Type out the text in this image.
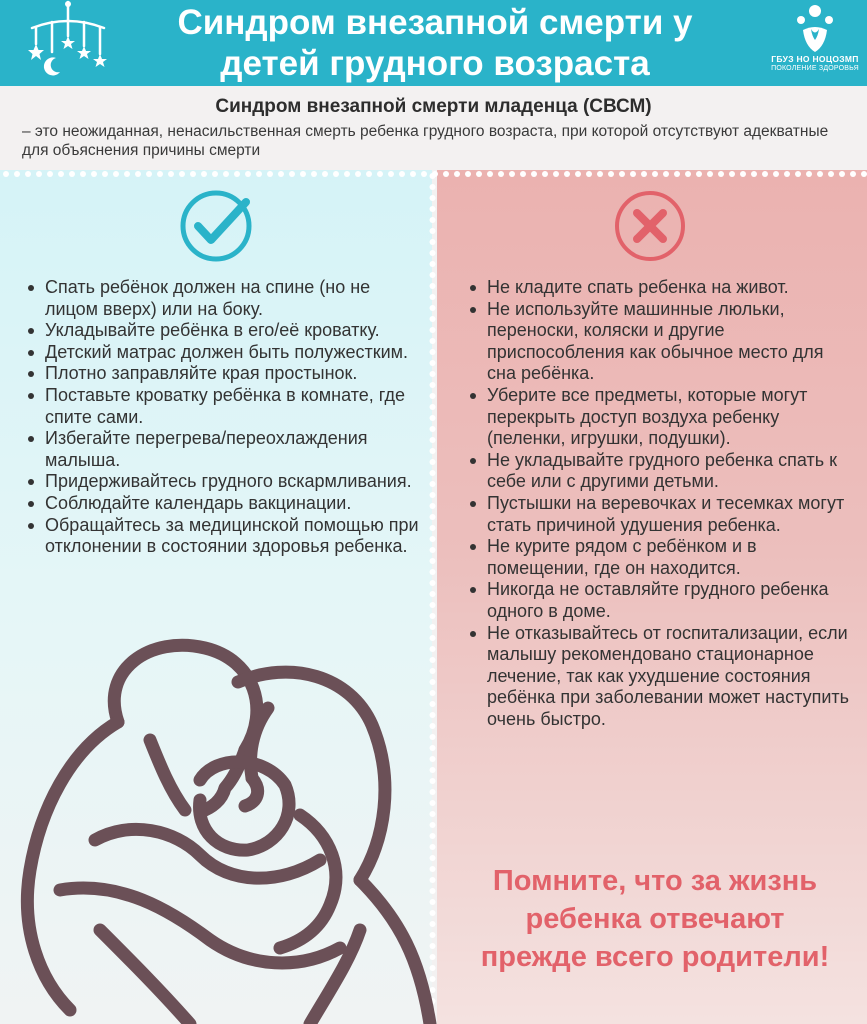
Синдром внезапной смерти у детей грудного возраста	ГБУЗ НО НОЦОЗМП
ПОКОЛЕНИЕ ЗДОРОВЬЯ
Синдром внезапной смерти младенца (СВСМ)
– это неожиданная, ненасильственная смерть ребенка грудного возраста, при которой отсутствуют адекватные для объяснения причины смерти
Спать ребёнок должен на спине (но не лицом вверх) или на боку.
Укладывайте ребёнка в его/её кроватку.
Детский матрас должен быть полужестким.
Плотно заправляйте края простынок.
Поставьте кроватку ребёнка в комнате, где спите сами.
Избегайте перегрева/переохлаждения малыша.
Придерживайтесь грудного вскармливания.
Соблюдайте календарь вакцинации.
Обращайтесь за медицинской помощью при отклонении в состоянии здоровья ребенка.
Не кладите спать ребенка на живот.
Не используйте машинные люльки, переноски, коляски и другие приспособления как обычное место для сна ребёнка.
Уберите все предметы, которые могут перекрыть доступ воздуха ребенку (пеленки, игрушки, подушки).
Не укладывайте грудного ребенка спать к себе или с другими детьми.
Пустышки на веревочках и тесемках могут стать причиной удушения ребенка.
Не курите рядом с ребёнком и в помещении, где он находится.
Никогда не оставляйте грудного ребенка одного в доме.
Не отказывайтесь от госпитализации, если малышу рекомендовано стационарное лечение, так как ухудшение состояния ребёнка при заболевании может наступить очень быстро.
Помните, что за жизнь
ребенка отвечают
прежде всего родители!
